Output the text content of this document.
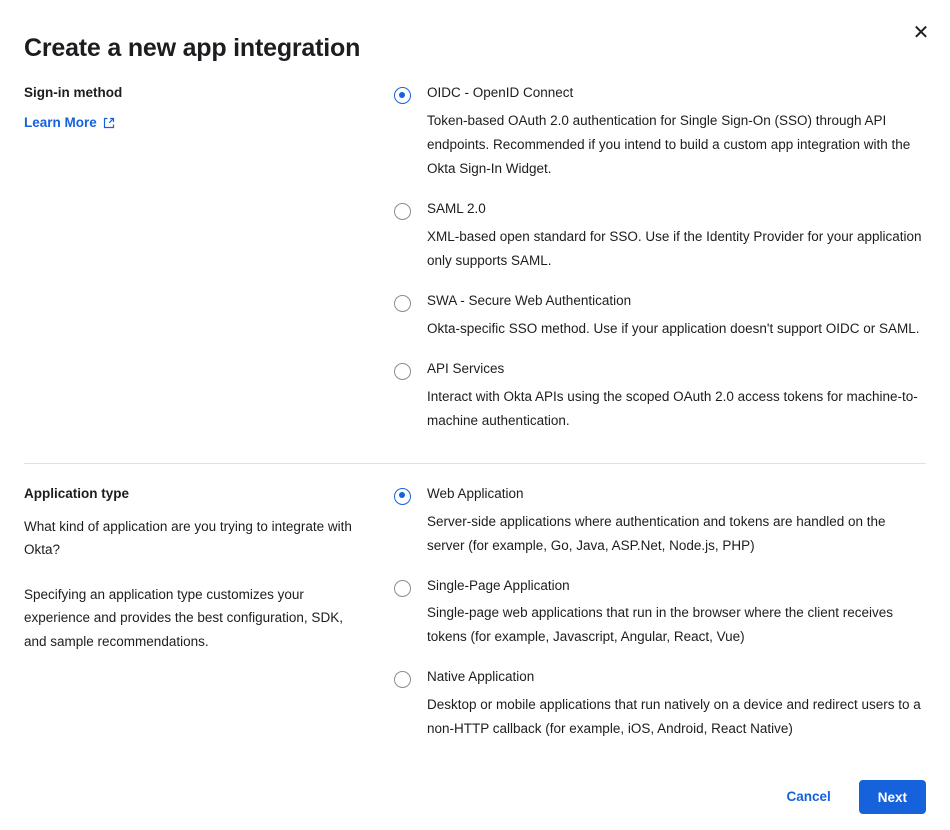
✕
Create a new app integration

Sign-in method

Learn More

OIDC - OpenID Connect

Token-based OAuth 2.0 authentication for Single Sign-On (SSO) through API endpoints. Recommended if you intend to build a custom app integration with the Okta Sign-In Widget.

SAML 2.0

XML-based open standard for SSO. Use if the Identity Provider for your application only supports SAML.

SWA - Secure Web Authentication

Okta-specific SSO method. Use if your application doesn't support OIDC or SAML.

API Services

Interact with Okta APIs using the scoped OAuth 2.0 access tokens for machine-to-machine authentication.

Application type

What kind of application are you trying to integrate with Okta?

Specifying an application type customizes your experience and provides the best configuration, SDK, and sample recommendations.

Web Application

Server-side applications where authentication and tokens are handled on the server (for example, Go, Java, ASP.Net, Node.js, PHP)

Single-Page Application

Single-page web applications that run in the browser where the client receives tokens (for example, Javascript, Angular, React, Vue)

Native Application

Desktop or mobile applications that run natively on a device and redirect users to a non-HTTP callback (for example, iOS, Android, React Native)

Cancel	Next
